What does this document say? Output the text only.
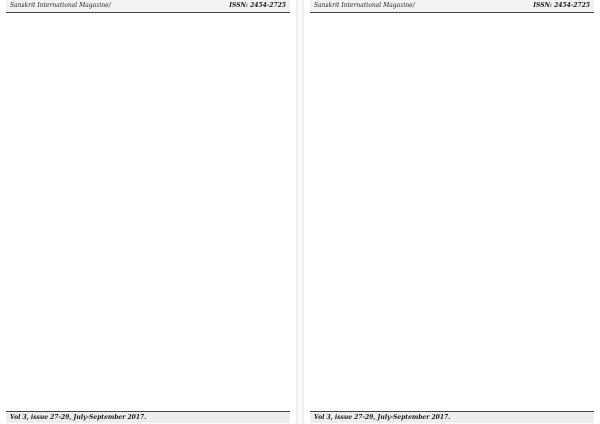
Sanskrit International Magazine/	ISSN: 2454-2725
Vol 3, issue 27-29, July-September 2017.
Sanskrit International Magazine/	ISSN: 2454-2725
Vol 3, issue 27-29, July-September 2017.
